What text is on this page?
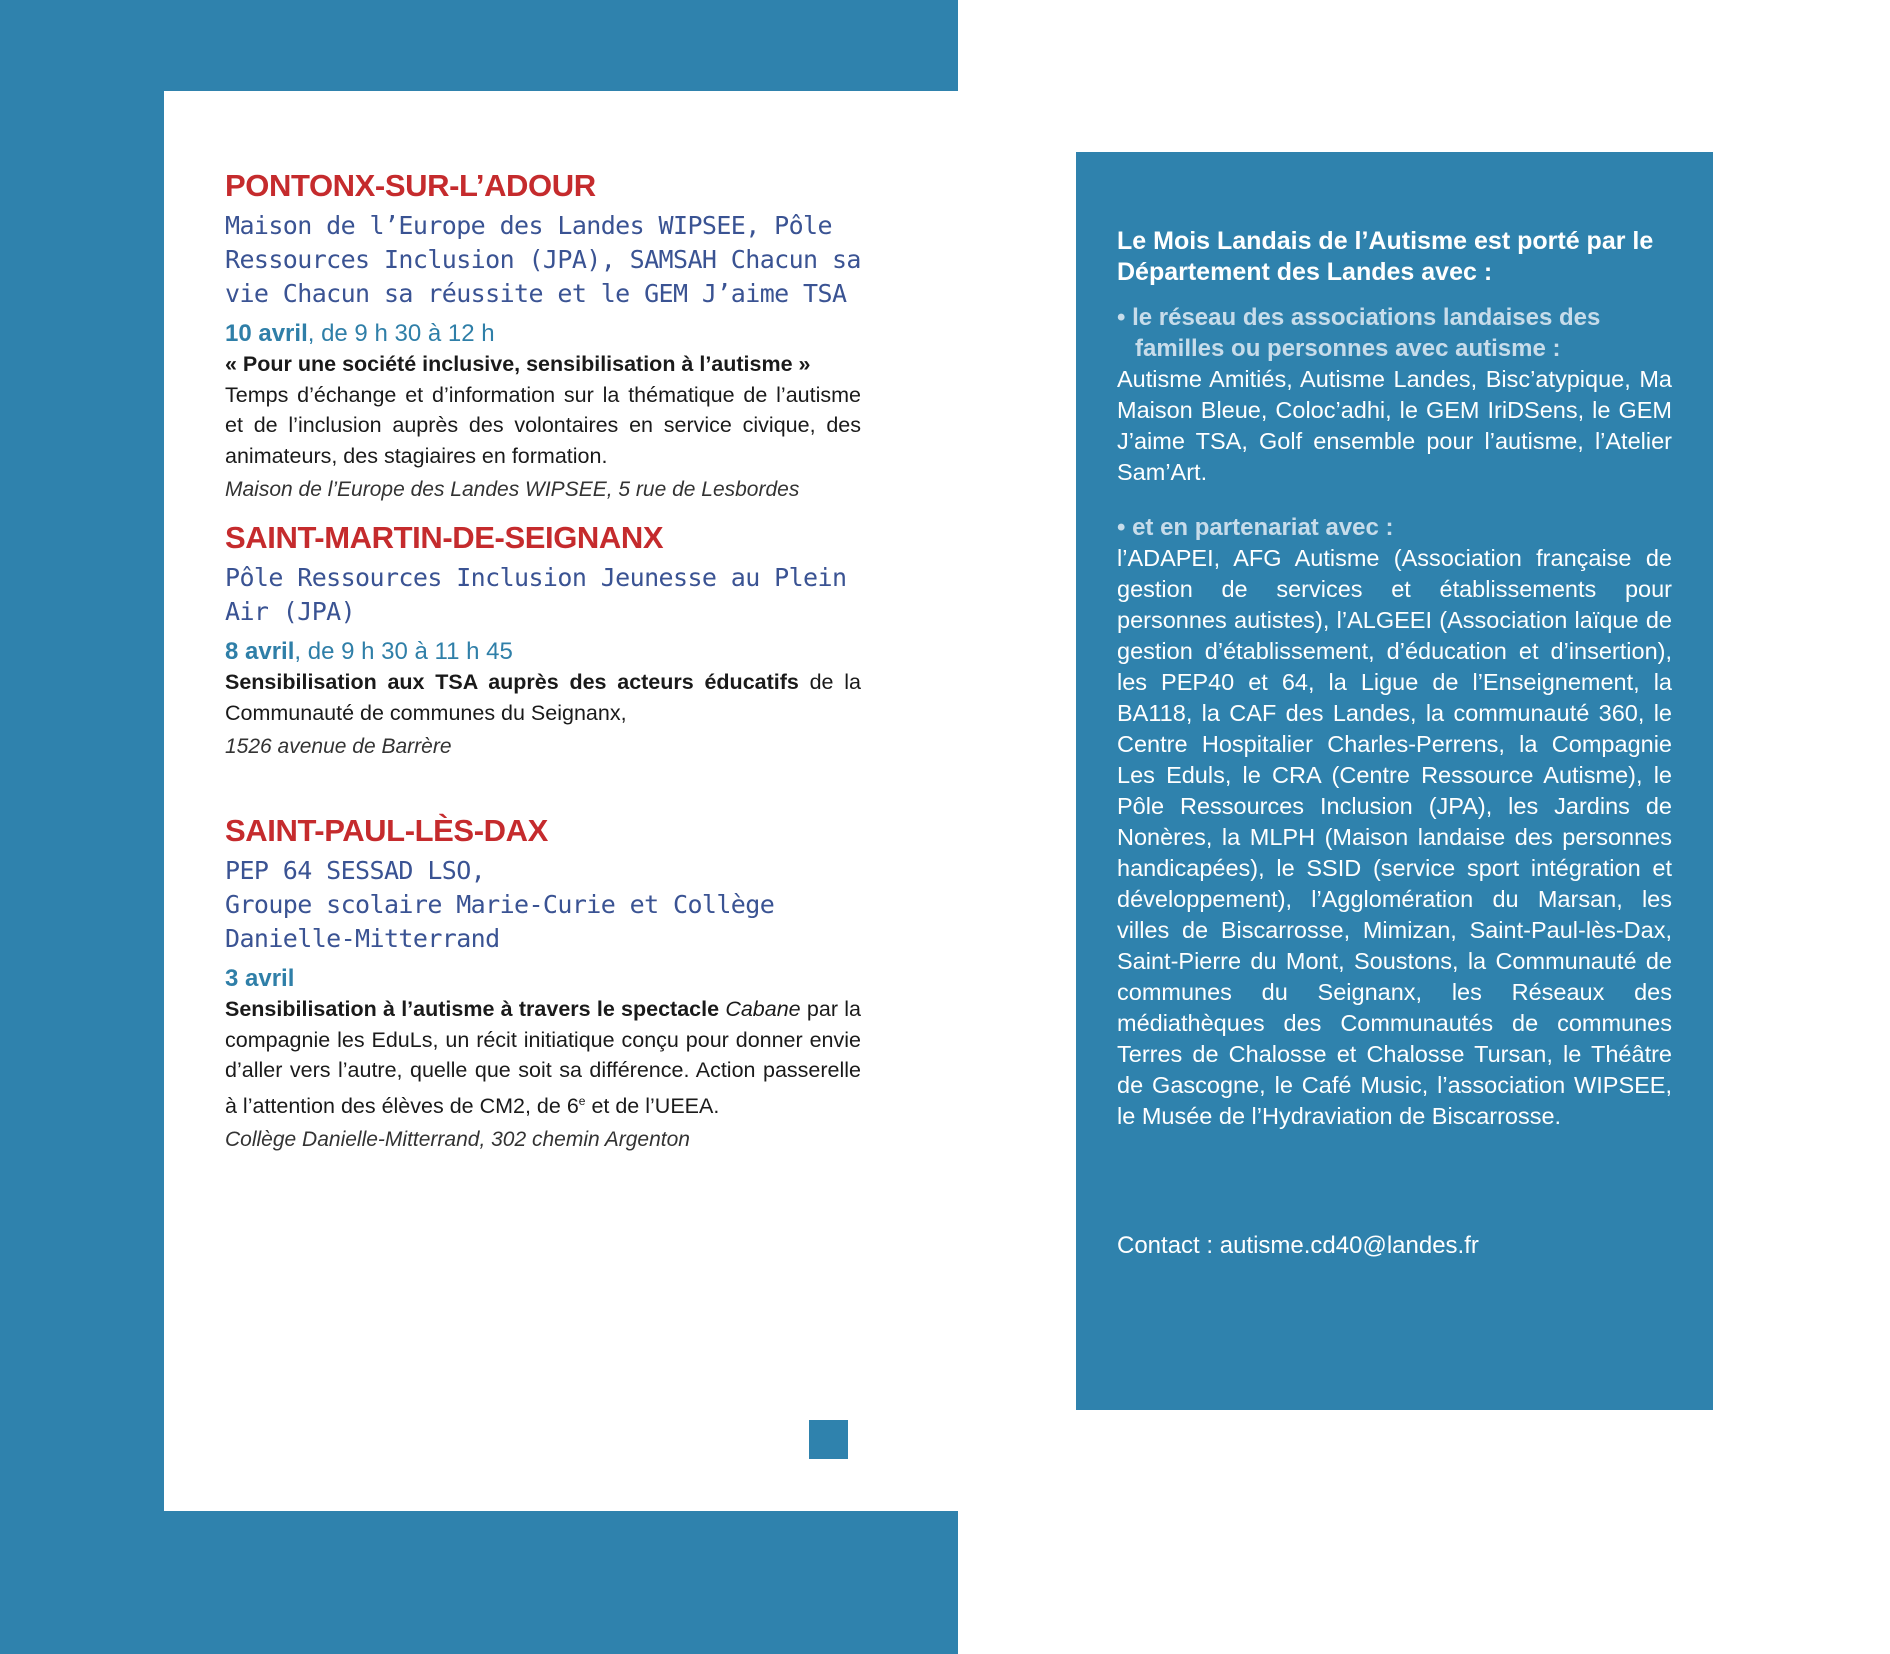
PONTONX-SUR-L’ADOUR
Maison de l’Europe des Landes WIPSEE, Pôle Ressources Inclusion (JPA), SAMSAH Chacun sa vie Chacun sa réussite et le GEM J’aime TSA

10 avril, de 9 h 30 à 12 h

« Pour une société inclusive, sensibilisation à l’autisme »

Temps d’échange et d’information sur la thématique de l’autisme et de l’inclusion auprès des volontaires en service civique, des animateurs, des stagiaires en formation.

Maison de l’Europe des Landes WIPSEE, 5 rue de Lesbordes

SAINT-MARTIN-DE-SEIGNANX
Pôle Ressources Inclusion Jeunesse au Plein Air (JPA)

8 avril, de 9 h 30 à 11 h 45

Sensibilisation aux TSA auprès des acteurs éducatifs de la Communauté de communes du Seignanx,

1526 avenue de Barrère

SAINT-PAUL-LÈS-DAX
PEP 64 SESSAD LSO,
Groupe scolaire Marie-Curie et Collège Danielle-Mitterrand

3 avril

Sensibilisation à l’autisme à travers le spectacle Cabane par la compagnie les EduLs, un récit initiatique conçu pour donner envie d’aller vers l’autre, quelle que soit sa différence. Action passerelle à l’attention des élèves de CM2, de 6e et de l’UEEA.

Collège Danielle-Mitterrand, 302 chemin Argenton

Le Mois Landais de l’Autisme est porté par le Département des Landes avec :

• le réseau des associations landaises des
familles ou personnes avec autisme :

Autisme Amitiés, Autisme Landes, Bisc’atypique, Ma Maison Bleue, Coloc’adhi, le GEM IriDSens, le GEM J’aime TSA, Golf ensemble pour l’autisme, l’Atelier Sam’Art.

• et en partenariat avec :

l’ADAPEI, AFG Autisme (Association française de gestion de services et établissements pour personnes autistes), l’ALGEEI (Association laïque de gestion d’établissement, d’éducation et d’insertion), les PEP40 et 64, la Ligue de l’Enseignement, la BA118, la CAF des Landes, la communauté 360, le Centre Hospitalier Charles-Perrens, la Compagnie Les Eduls, le CRA (Centre Ressource Autisme), le Pôle Ressources Inclusion (JPA), les Jardins de Nonères, la MLPH (Maison landaise des personnes handicapées), le SSID (service sport intégration et développement), l’Agglomération du Marsan, les villes de Biscarrosse, Mimizan, Saint-Paul-lès-Dax, Saint-Pierre du Mont, Soustons, la Communauté de communes du Seignanx, les Réseaux des médiathèques des Communautés de communes Terres de Chalosse et Chalosse Tursan, le Théâtre de Gascogne, le Café Music, l’association WIPSEE, le Musée de l’Hydraviation de Biscarrosse.

Contact : autisme.cd40@landes.fr
